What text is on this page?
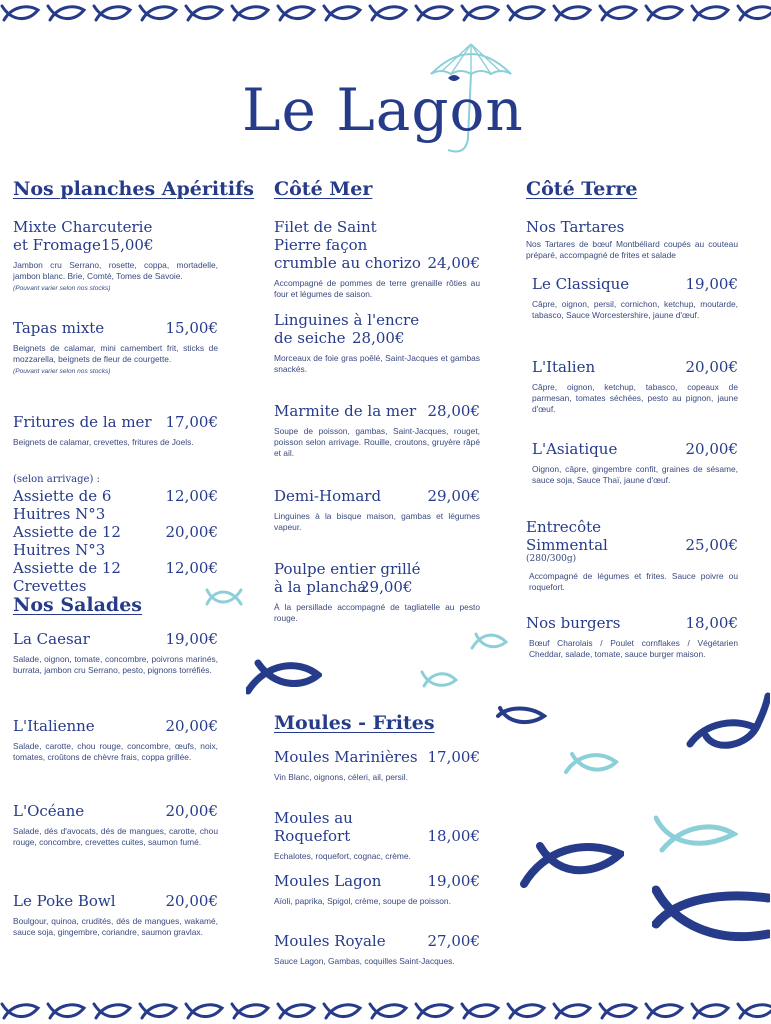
Le Lagon
Nos planches Apéritifs
Mixte Charcuterie
et Fromage 15,00€
Jambon cru Serrano, rosette, coppa, mortadelle, jambon blanc. Brie, Comté, Tomes de Savoie.
(Pouvant varier selon nos stocks)
Tapas mixte	15,00€
Beignets de calamar, mini camembert frit, sticks de mozzarella, beignets de fleur de courgette.
(Pouvant varier selon nos stocks)
Fritures de la mer 17,00€
Beignets de calamar, crevettes, fritures de Joels.
(selon arrivage) :
Assiette de 6 Huitres N°3
12,00€
Assiette de 12 Huitres N°3
20,00€
Assiette de 12 Crevettes
12,00€
Nos Salades
La Caesar	19,00€
Salade, oignon, tomate, concombre, poivrons marinés, burrata, jambon cru Serrano, pesto, pignons torréfiés.
L'Italienne	20,00€
Salade, carotte, chou rouge, concombre, œufs, noix, tomates, croûtons de chèvre frais, coppa grillée.
L'Océane	20,00€
Salade, dés d'avocats, dés de mangues, carotte, chou rouge, concombre, crevettes cuites, saumon fumé.
Le Poke Bowl	20,00€
Boulgour, quinoa, crudités, dés de mangues, wakamé, sauce soja, gingembre, coriandre, saumon gravlax.
Côté Mer
Filet de Saint Pierre façon
crumble au chorizo 24,00€
Accompagné de pommes de terre grenaille rôties au four et légumes de saison.
Linguines à l'encre
de seiche 28,00€
Morceaux de foie gras poêlé, Saint-Jacques et gambas snackés.
Marmite de la mer 28,00€
Soupe de poisson, gambas, Saint-Jacques, rouget, poisson selon arrivage. Rouille, croutons, gruyère râpé et ail.
Demi-Homard	29,00€
Linguines à la bisque maison, gambas et légumes vapeur.
Poulpe entier grillé
à la plancha
29,00€
À la persillade accompagné de tagliatelle au pesto rouge.
Moules - Frites
Moules Marinières 17,00€
Vin Blanc, oignons, céleri, ail, persil.
Moules au Roquefort	18,00€
Echalotes, roquefort, cognac, crème.
Moules Lagon	19,00€
Aïoli, paprika, Spigol, crème, soupe de poisson.
Moules Royale	27,00€
Sauce Lagon, Gambas, coquilles Saint-Jacques.
Côté Terre
Nos Tartares
Nos Tartares de bœuf Montbéliard coupés au couteau préparé, accompagné de frites et salade
Le Classique	19,00€
Câpre, oignon, persil, cornichon, ketchup, moutarde, tabasco, Sauce Worcestershire, jaune d'œuf.
L'Italien	20,00€
Câpre, oignon, ketchup, tabasco, copeaux de parmesan, tomates séchées, pesto au pignon, jaune d'œuf.
L'Asiatique	20,00€
Oignon, câpre, gingembre confit, graines de sésame, sauce soja, Sauce Thaï, jaune d'œuf.
Entrecôte Simmental	25,00€
(280/300g)
Accompagné de légumes et frites. Sauce poivre ou roquefort.
Nos burgers	18,00€
Bœuf Charolais / Poulet cornflakes / Végétarien Cheddar, salade, tomate, sauce burger maison.
